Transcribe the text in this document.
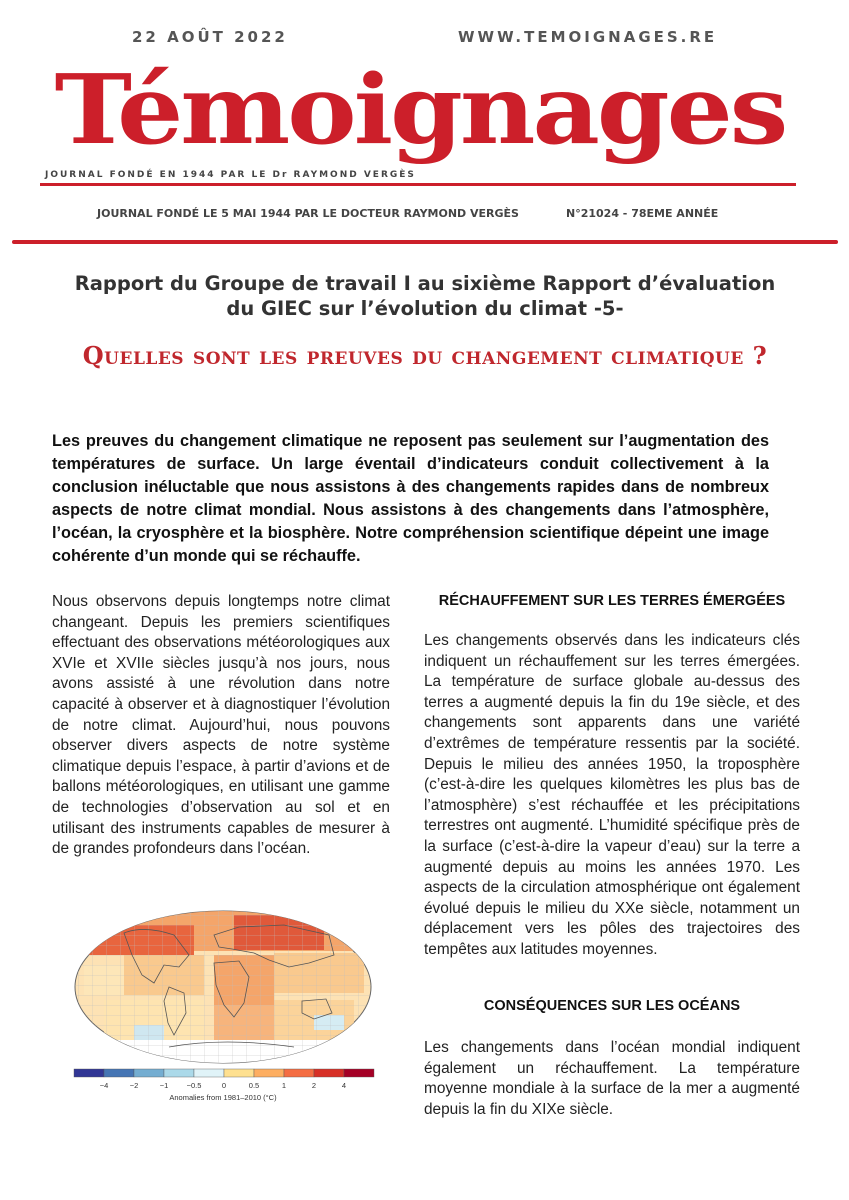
22 AOÛT 2022	WWW.TEMOIGNAGES.RE
Témoignages
JOURNAL FONDÉ EN 1944 PAR LE Dr RAYMOND VERGÈS
JOURNAL FONDÉ LE 5 MAI 1944 PAR LE DOCTEUR RAYMOND VERGÈS	N°21024 - 78EME ANNÉE
Rapport du Groupe de travail I au sixième Rapport d’évaluation du GIEC sur l’évolution du climat -5-
Quelles sont les preuves du changement climatique ?
Les preuves du changement climatique ne reposent pas seulement sur l’augmentation des températures de surface. Un large éventail d’indicateurs conduit collectivement à la conclusion inéluctable que nous assistons à des changements rapides dans de nombreux aspects de notre climat mondial. Nous assistons à des changements dans l’atmosphère, l’océan, la cryosphère et la biosphère. Notre compréhension scientifique dépeint une image cohérente d’un monde qui se réchauffe.
Nous observons depuis longtemps notre climat changeant. Depuis les premiers scientifiques effectuant des observations météorologiques aux XVIe et XVIIe siècles jusqu’à nos jours, nous avons assisté à une révolution dans notre capacité à observer et à diagnostiquer l’évolution de notre climat. Aujourd’hui, nous pouvons observer divers aspects de notre système climatique depuis l’espace, à partir d’avions et de ballons météorologiques, en utilisant une gamme de technologies d’observation au sol et en utilisant des instruments capables de mesurer à de grandes profondeurs dans l’océan.
RÉCHAUFFEMENT SUR LES TERRES ÉMERGÉES
Les changements observés dans les indicateurs clés indiquent un réchauffement sur les terres émergées. La température de surface globale au-dessus des terres a augmenté depuis la fin du 19e siècle, et des changements sont apparents dans une variété d’extrêmes de température ressentis par la société. Depuis le milieu des années 1950, la troposphère (c’est-à-dire les quelques kilomètres les plus bas de l’atmosphère) s’est réchauffée et les précipitations terrestres ont augmenté. L’humidité spécifique près de la surface (c’est-à-dire la vapeur d’eau) sur la terre a augmenté depuis au moins les années 1970. Les aspects de la circulation atmosphérique ont également évolué depuis le milieu du XXe siècle, notamment un déplacement vers les pôles des trajectoires des tempêtes aux latitudes moyennes.
CONSÉQUENCES SUR LES OCÉANS
Les changements dans l’océan mondial indiquent également un réchauffement. La température moyenne mondiale à la surface de la mer a augmenté depuis la fin du XIXe siècle.
−4	−2	−1 −0.5	0	0.5	1	2	4
Anomalies from 1981–2010 (°C)
